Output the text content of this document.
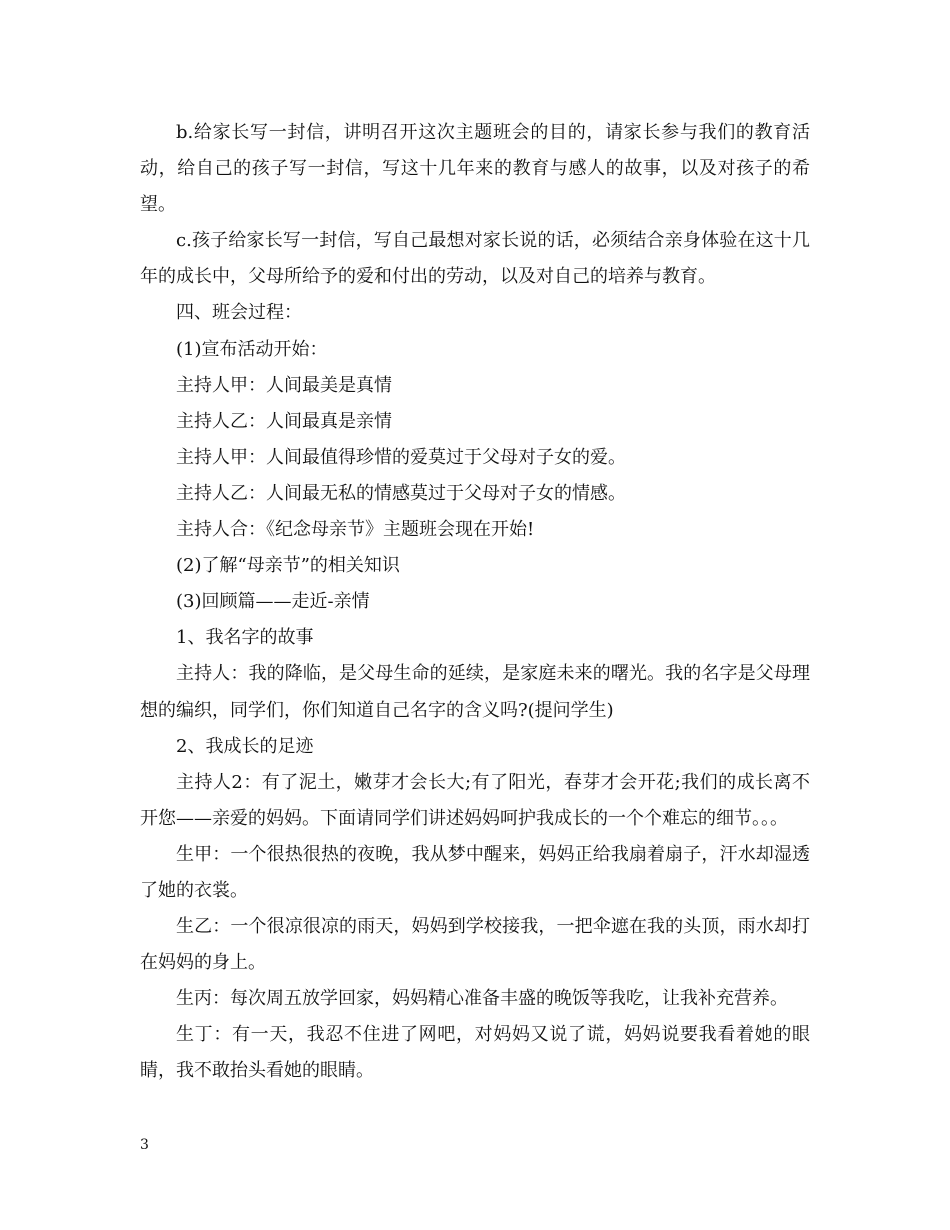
b.给家长写一封信，讲明召开这次主题班会的目的，请家长参与我们的教育活动，给自己的孩子写一封信，写这十几年来的教育与感人的故事，以及对孩子的希望。

c.孩子给家长写一封信，写自己最想对家长说的话，必须结合亲身体验在这十几年的成长中，父母所给予的爱和付出的劳动，以及对自己的培养与教育。

四、班会过程：

(1)宣布活动开始：

主持人甲：人间最美是真情

主持人乙：人间最真是亲情

主持人甲：人间最值得珍惜的爱莫过于父母对子女的爱。

主持人乙：人间最无私的情感莫过于父母对子女的情感。

主持人合：《纪念母亲节》主题班会现在开始!

(2)了解“母亲节”的相关知识

(3)回顾篇——走近-亲情

1、我名字的故事

主持人：我的降临，是父母生命的延续，是家庭未来的曙光。我的名字是父母理想的编织，同学们，你们知道自己名字的含义吗?(提问学生)

2、我成长的足迹

主持人2：有了泥土，嫩芽才会长大;有了阳光，春芽才会开花;我们的成长离不开您——亲爱的妈妈。下面请同学们讲述妈妈呵护我成长的一个个难忘的细节。。。

生甲：一个很热很热的夜晚，我从梦中醒来，妈妈正给我扇着扇子，汗水却湿透了她的衣裳。

生乙：一个很凉很凉的雨天，妈妈到学校接我，一把伞遮在我的头顶，雨水却打在妈妈的身上。

生丙：每次周五放学回家，妈妈精心准备丰盛的晚饭等我吃，让我补充营养。

生丁：有一天，我忍不住进了网吧，对妈妈又说了谎，妈妈说要我看着她的眼睛，我不敢抬头看她的眼睛。

3
